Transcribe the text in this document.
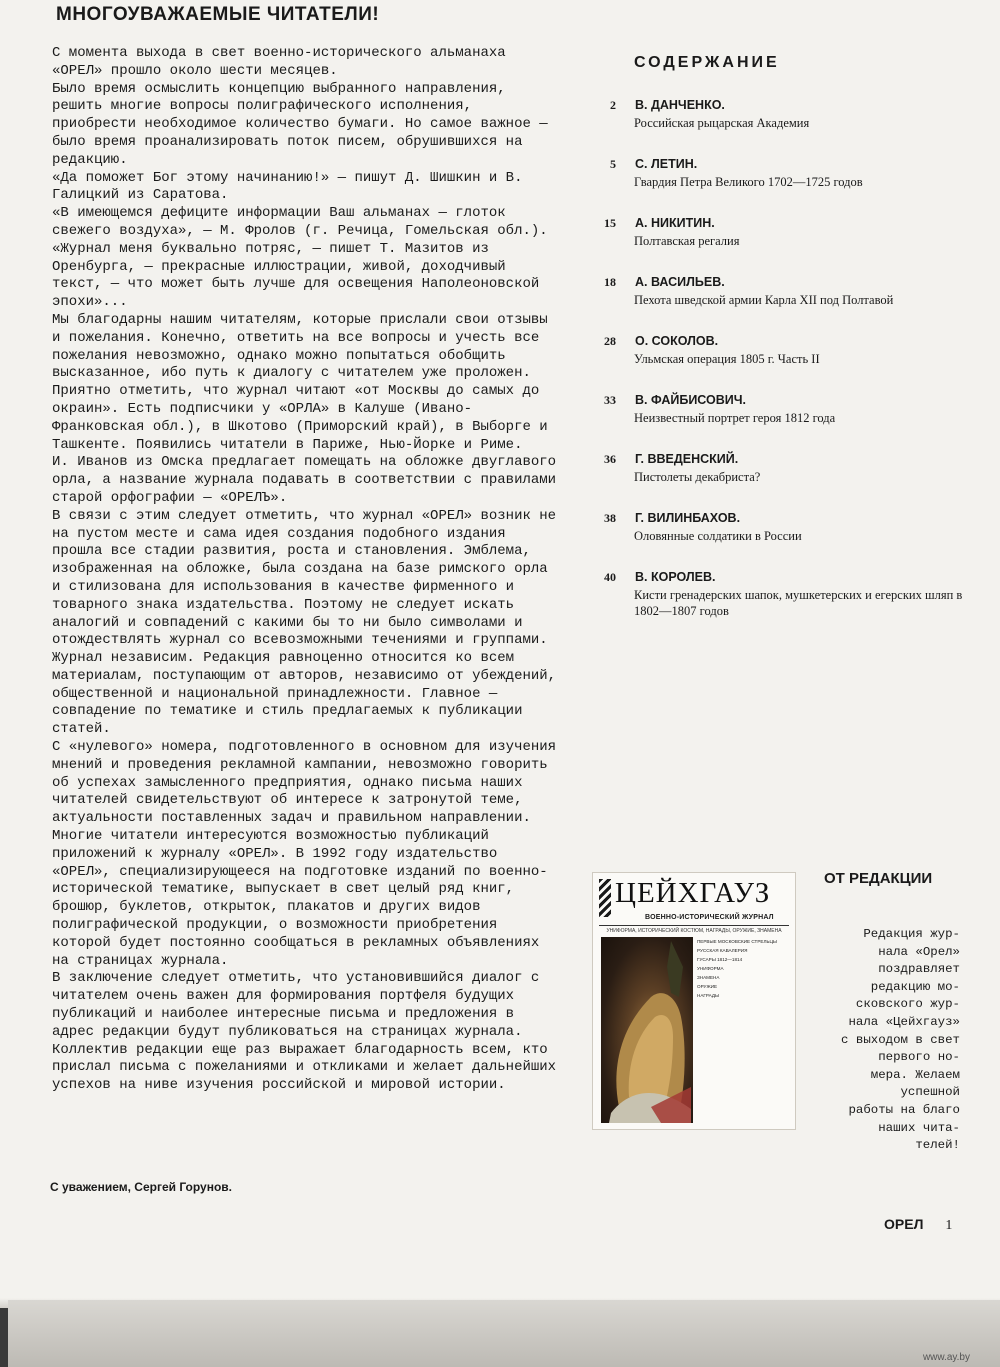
МНОГОУВАЖАЕМЫЕ ЧИТАТЕЛИ!

С момента выхода в свет военно-исторического альманаха «ОРЕЛ» прошло около шести месяцев.

Было время осмыслить концепцию выбранного направления, решить многие вопросы полиграфического исполнения, приобрести необходимое количество бумаги. Но самое важное — было время проанализировать поток писем, обрушившихся на редакцию.

«Да поможет Бог этому начинанию!» — пишут Д. Шишкин и В. Галицкий из Саратова.

«В имеющемся дефиците информации Ваш альманах — глоток свежего воздуха», — М. Фролов (г. Речица, Гомельская обл.).

«Журнал меня буквально потряс, — пишет Т. Мазитов из Оренбурга, — прекрасные иллюстрации, живой, доходчивый текст, — что может быть лучше для освещения Наполеоновской эпохи»...

Мы благодарны нашим читателям, которые прислали свои отзывы и пожелания. Конечно, ответить на все вопросы и учесть все пожелания невозможно, однако можно попытаться обобщить высказанное, ибо путь к диалогу с читателем уже проложен.

Приятно отметить, что журнал читают «от Москвы до самых до окраин». Есть подписчики у «ОРЛА» в Калуше (Ивано-Франковская обл.), в Шкотово (Приморский край), в Выборге и Ташкенте. Появились читатели в Париже, Нью-Йорке и Риме.

И. Иванов из Омска предлагает помещать на обложке двуглавого орла, а название журнала подавать в соответствии с правилами старой орфографии — «ОРЕЛЪ».

В связи с этим следует отметить, что журнал «ОРЕЛ» возник не на пустом месте и сама идея создания подобного издания прошла все стадии развития, роста и становления. Эмблема, изображенная на обложке, была создана на базе римского орла и стилизована для использования в качестве фирменного и товарного знака издательства. Поэтому не следует искать аналогий и совпадений с какими бы то ни было символами и отождествлять журнал со всевозможными течениями и группами.

Журнал независим. Редакция равноценно относится ко всем материалам, поступающим от авторов, независимо от убеждений, общественной и национальной принадлежности. Главное — совпадение по тематике и стиль предлагаемых к публикации статей.

С «нулевого» номера, подготовленного в основном для изучения мнений и проведения рекламной кампании, невозможно говорить об успехах замысленного предприятия, однако письма наших читателей свидетельствуют об интересе к затронутой теме, актуальности поставленных задач и правильном направлении.

Многие читатели интересуются возможностью публикаций приложений к журналу «ОРЕЛ». В 1992 году издательство «ОРЕЛ», специализирующееся на подготовке изданий по военно-исторической тематике, выпускает в свет целый ряд книг, брошюр, буклетов, открыток, плакатов и других видов полиграфической продукции, о возможности приобретения которой будет постоянно сообщаться в рекламных объявлениях на страницах журнала.

В заключение следует отметить, что установившийся диалог с читателем очень важен для формирования портфеля будущих публикаций и наиболее интересные письма и предложения в адрес редакции будут публиковаться на страницах журнала.

Коллектив редакции еще раз выражает благодарность всем, кто прислал письма с пожеланиями и откликами и желает дальнейших успехов на ниве изучения российской и мировой истории.

С уважением, Сергей Горунов.
СОДЕРЖАНИЕ
2 В. ДАНЧЕНКО.
Российская рыцарская Академия
5 С. ЛЕТИН.
Гвардия Петра Великого 1702—1725 годов
15 А. НИКИТИН.
Полтавская регалия
18 А. ВАСИЛЬЕВ.
Пехота шведской армии Карла XII под Полтавой
28 О. СОКОЛОВ.
Ульмская операция 1805 г. Часть II
33 В. ФАЙБИСОВИЧ.
Неизвестный портрет героя 1812 года
36 Г. ВВЕДЕНСКИЙ.
Пистолеты декабриста?
38 Г. ВИЛИНБАХОВ.
Оловянные солдатики в России
40 В. КОРОЛЕВ.
Кисти гренадерских шапок, мушкетерских и егерских шляп в 1802—1807 годов
ЦЕЙХГАУЗ
ВОЕННО-ИСТОРИЧЕСКИЙ ЖУРНАЛ
УНИФОРМА, ИСТОРИЧЕСКИЙ КОСТЮМ, НАГРАДЫ, ОРУЖИЕ, ЗНАМЕНА
ПЕРВЫЕ МОСКОВСКИЕ СТРЕЛЬЦЫ
РУССКАЯ КАВАЛЕРИЯ
ГУСАРЫ 1812—1814
УНИФОРМА
ЗНАМЕНА
ОРУЖИЕ
НАГРАДЫ
ОТ РЕДАКЦИИ

Редакция жур-
нала «Орел»
поздравляет
редакцию мо-
сковского жур-
нала «Цейхгауз»
с выходом в свет
первого но-
мера. Желаем
успешной
работы на благо
наших чита-
телей!

ОРЕЛ 1
www.ay.by
